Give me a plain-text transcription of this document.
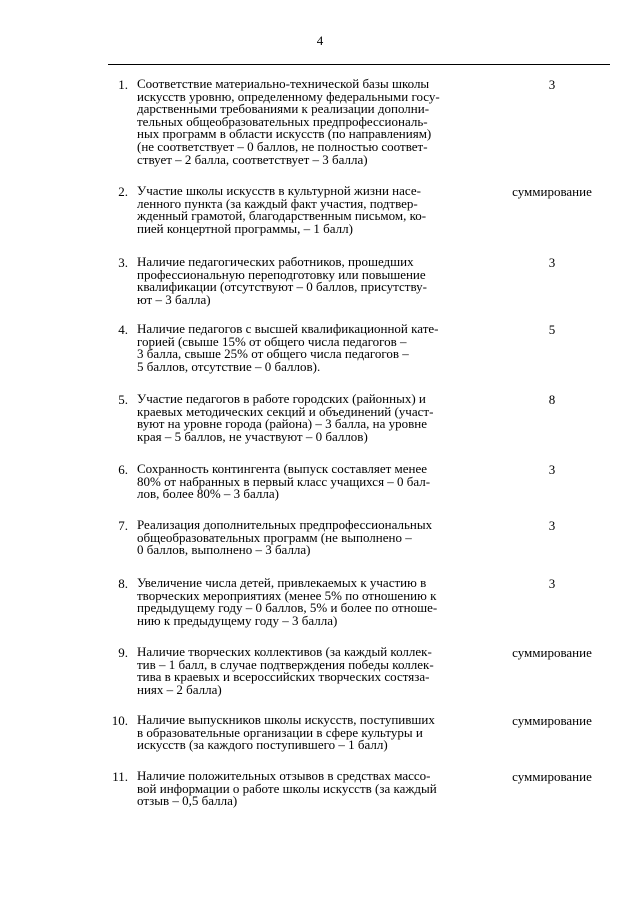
4
1. Соответствие материально-технической базы школы
искусств уровню, определенному федеральными госу-
дарственными требованиями к реализации дополни-
тельных общеобразовательных предпрофессиональ-
ных программ в области искусств (по направлениям)
(не соответствует – 0 баллов, не полностью соответ-
ствует – 2 балла, соответствует – 3 балла)
3
2. Участие школы искусств в культурной жизни насе-
ленного пункта (за каждый факт участия, подтвер-
жденный грамотой, благодарственным письмом, ко-
пией концертной программы, – 1 балл)
суммирование
3. Наличие педагогических работников, прошедших
профессиональную переподготовку или повышение
квалификации (отсутствуют – 0 баллов, присутству-
ют – 3 балла)
3
4. Наличие педагогов с высшей квалификационной кате-
горией (свыше 15% от общего числа педагогов –
3 балла, свыше 25% от общего числа педагогов –
5 баллов, отсутствие – 0 баллов).
5
5. Участие педагогов в работе городских (районных) и
краевых методических секций и объединений (участ-
вуют на уровне города (района) – 3 балла, на уровне
края – 5 баллов, не участвуют – 0 баллов)
8
6. Сохранность контингента (выпуск составляет менее
80% от набранных в первый класс учащихся – 0 бал-
лов, более 80% – 3 балла)
3
7. Реализация дополнительных предпрофессиональных
общеобразовательных программ (не выполнено –
0 баллов, выполнено – 3 балла)
3
8. Увеличение числа детей, привлекаемых к участию в
творческих мероприятиях (менее 5% по отношению к
предыдущему году – 0 баллов, 5% и более по отноше-
нию к предыдущему году – 3 балла)
3
9. Наличие творческих коллективов (за каждый коллек-
тив – 1 балл, в случае подтверждения победы коллек-
тива в краевых и всероссийских творческих состяза-
ниях – 2 балла)
суммирование
10. Наличие выпускников школы искусств, поступивших
в образовательные организации в сфере культуры и
искусств (за каждого поступившего – 1 балл)
суммирование
11. Наличие положительных отзывов в средствах массо-
вой информации о работе школы искусств (за каждый
отзыв – 0,5 балла)
суммирование
